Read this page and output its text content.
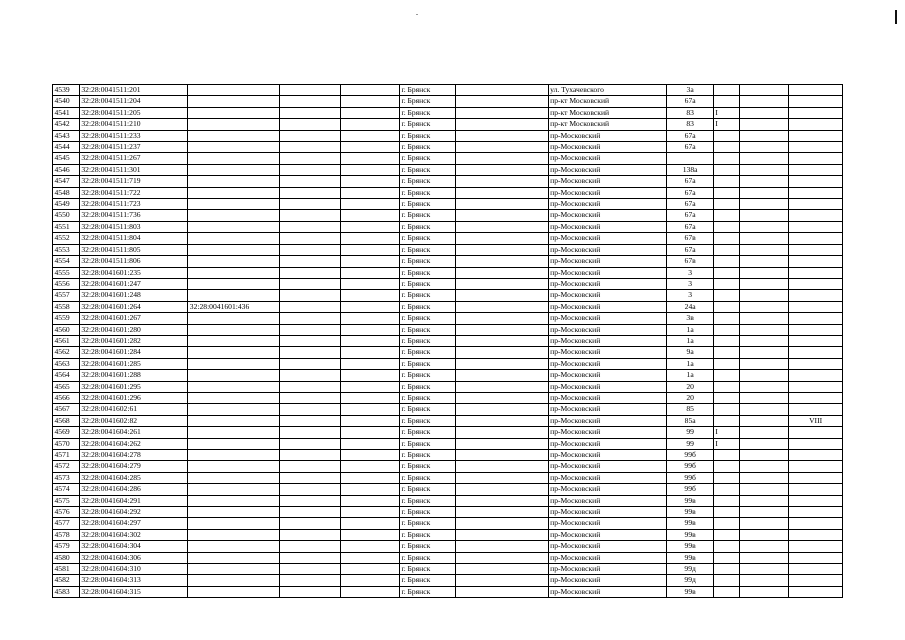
4539	32:28:0041511:201				г. Брянск		ул. Тухачевского	3а			
4540	32:28:0041511:204				г. Брянск		пр-кт Московский	67а			
4541	32:28:0041511:205				г. Брянск		пр-кт Московский	83	I		
4542	32:28:0041511:210				г. Брянск		пр-кт Московский	83	I		
4543	32:28:0041511:233				г. Брянск		пр-Московский	67а			
4544	32:28:0041511:237				г. Брянск		пр-Московский	67а			
4545	32:28:0041511:267				г. Брянск		пр-Московский				
4546	32:28:0041511:301				г. Брянск		пр-Московский	138а			
4547	32:28:0041511:719				г. Брянск		пр-Московский	67а			
4548	32:28:0041511:722				г. Брянск		пр-Московский	67а			
4549	32:28:0041511:723				г. Брянск		пр-Московский	67а			
4550	32:28:0041511:736				г. Брянск		пр-Московский	67а			
4551	32:28:0041511:803				г. Брянск		пр-Московский	67а			
4552	32:28:0041511:804				г. Брянск		пр-Московский	67в			
4553	32:28:0041511:805				г. Брянск		пр-Московский	67а			
4554	32:28:0041511:806				г. Брянск		пр-Московский	67в			
4555	32:28:0041601:235				г. Брянск		пр-Московский	3			
4556	32:28:0041601:247				г. Брянск		пр-Московский	3			
4557	32:28:0041601:248				г. Брянск		пр-Московский	3			
4558	32:28:0041601:264	32:28:0041601:436			г. Брянск		пр-Московский	24а			
4559	32:28:0041601:267				г. Брянск		пр-Московский	3в			
4560	32:28:0041601:280				г. Брянск		пр-Московский	1а			
4561	32:28:0041601:282				г. Брянск		пр-Московский	1а			
4562	32:28:0041601:284				г. Брянск		пр-Московский	9а			
4563	32:28:0041601:285				г. Брянск		пр-Московский	1а			
4564	32:28:0041601:288				г. Брянск		пр-Московский	1а			
4565	32:28:0041601:295				г. Брянск		пр-Московский	20			
4566	32:28:0041601:296				г. Брянск		пр-Московский	20			
4567	32:28:0041602:61				г. Брянск		пр-Московский	85			
4568	32:28:0041602:82				г. Брянск		пр-Московский	85а			VIII
4569	32:28:0041604:261				г. Брянск		пр-Московский	99	I		
4570	32:28:0041604:262				г. Брянск		пр-Московский	99	I		
4571	32:28:0041604:278				г. Брянск		пр-Московский	99б			
4572	32:28:0041604:279				г. Брянск		пр-Московский	99б			
4573	32:28:0041604:285				г. Брянск		пр-Московский	99б			
4574	32:28:0041604:286				г. Брянск		пр-Московский	99б			
4575	32:28:0041604:291				г. Брянск		пр-Московский	99в			
4576	32:28:0041604:292				г. Брянск		пр-Московский	99в			
4577	32:28:0041604:297				г. Брянск		пр-Московский	99в			
4578	32:28:0041604:302				г. Брянск		пр-Московский	99в			
4579	32:28:0041604:304				г. Брянск		пр-Московский	99в			
4580	32:28:0041604:306				г. Брянск		пр-Московский	99в			
4581	32:28:0041604:310				г. Брянск		пр-Московский	99д			
4582	32:28:0041604:313				г. Брянск		пр-Московский	99д			
4583	32:28:0041604:315				г. Брянск		пр-Московский	99в			
